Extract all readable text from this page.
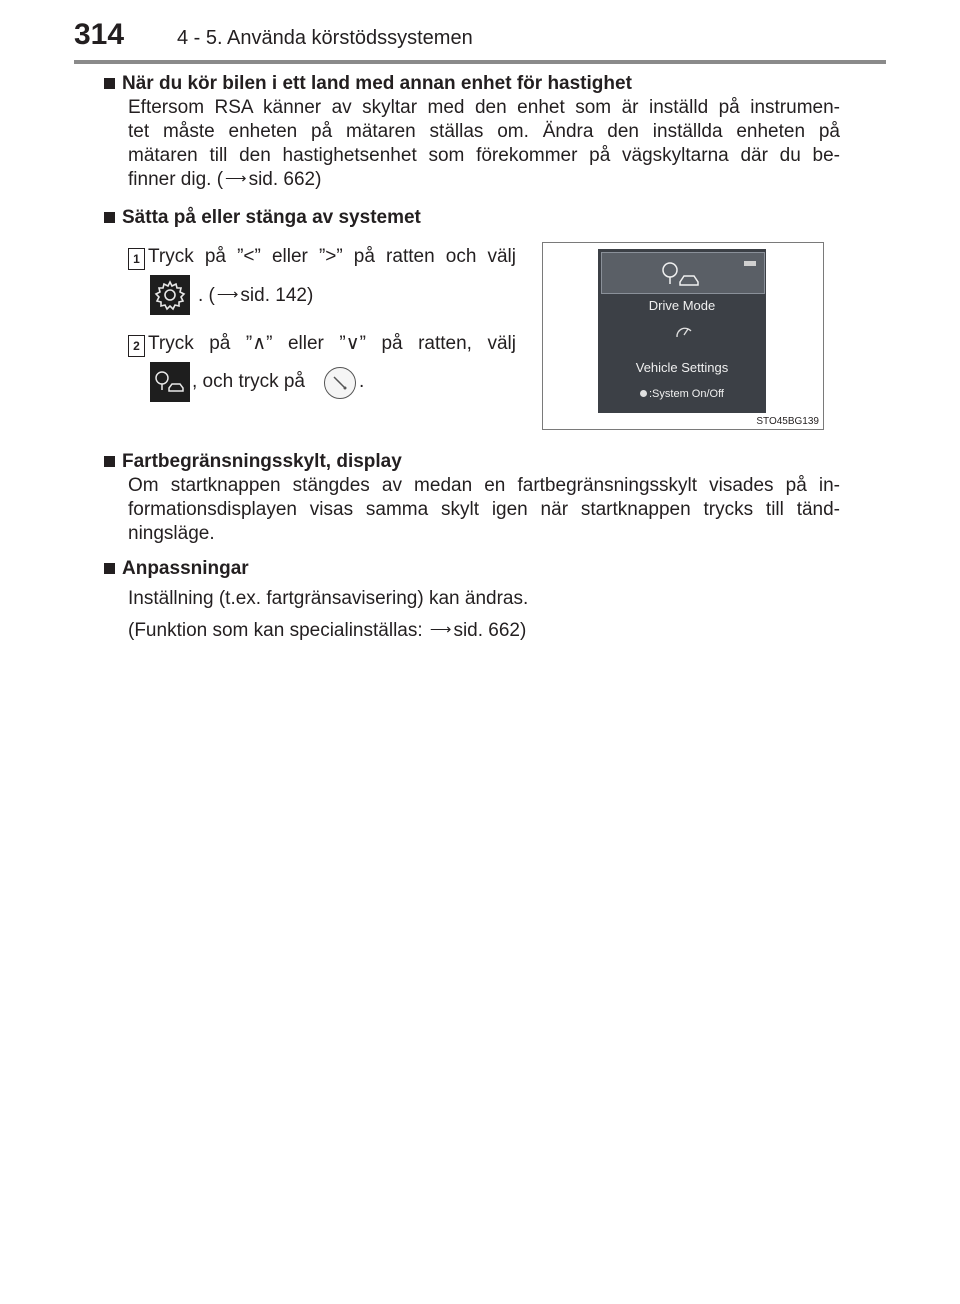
314	4 - 5. Använda körstödssystemen
När du kör bilen i ett land med annan enhet för hastighet
Eftersom RSA känner av skyltar med den enhet som är inställd på instrumen-
tet måste enheten på mätaren ställas om. Ändra den inställda enheten på
mätaren till den hastighetsenhet som förekommer på vägskyltarna där du be-
finner dig. ( ⟶ sid. 662)
Sätta på eller stänga av systemet
1 Tryck på ”<” eller ”>” på ratten och välj
. ( ⟶ sid. 142)
2 Tryck på ”∧” eller ”∨” på ratten, välj
, och tryck på	.
Drive Mode
Vehicle Settings
:System On/Off
STO45BG139
Fartbegränsningsskylt, display
Om startknappen stängdes av medan en fartbegränsningsskylt visades på in-
formationsdisplayen visas samma skylt igen när startknappen trycks till tänd-
ningsläge.
Anpassningar
Inställning (t.ex. fartgränsavisering) kan ändras.
(Funktion som kan specialinställas: ⟶ sid. 662)
